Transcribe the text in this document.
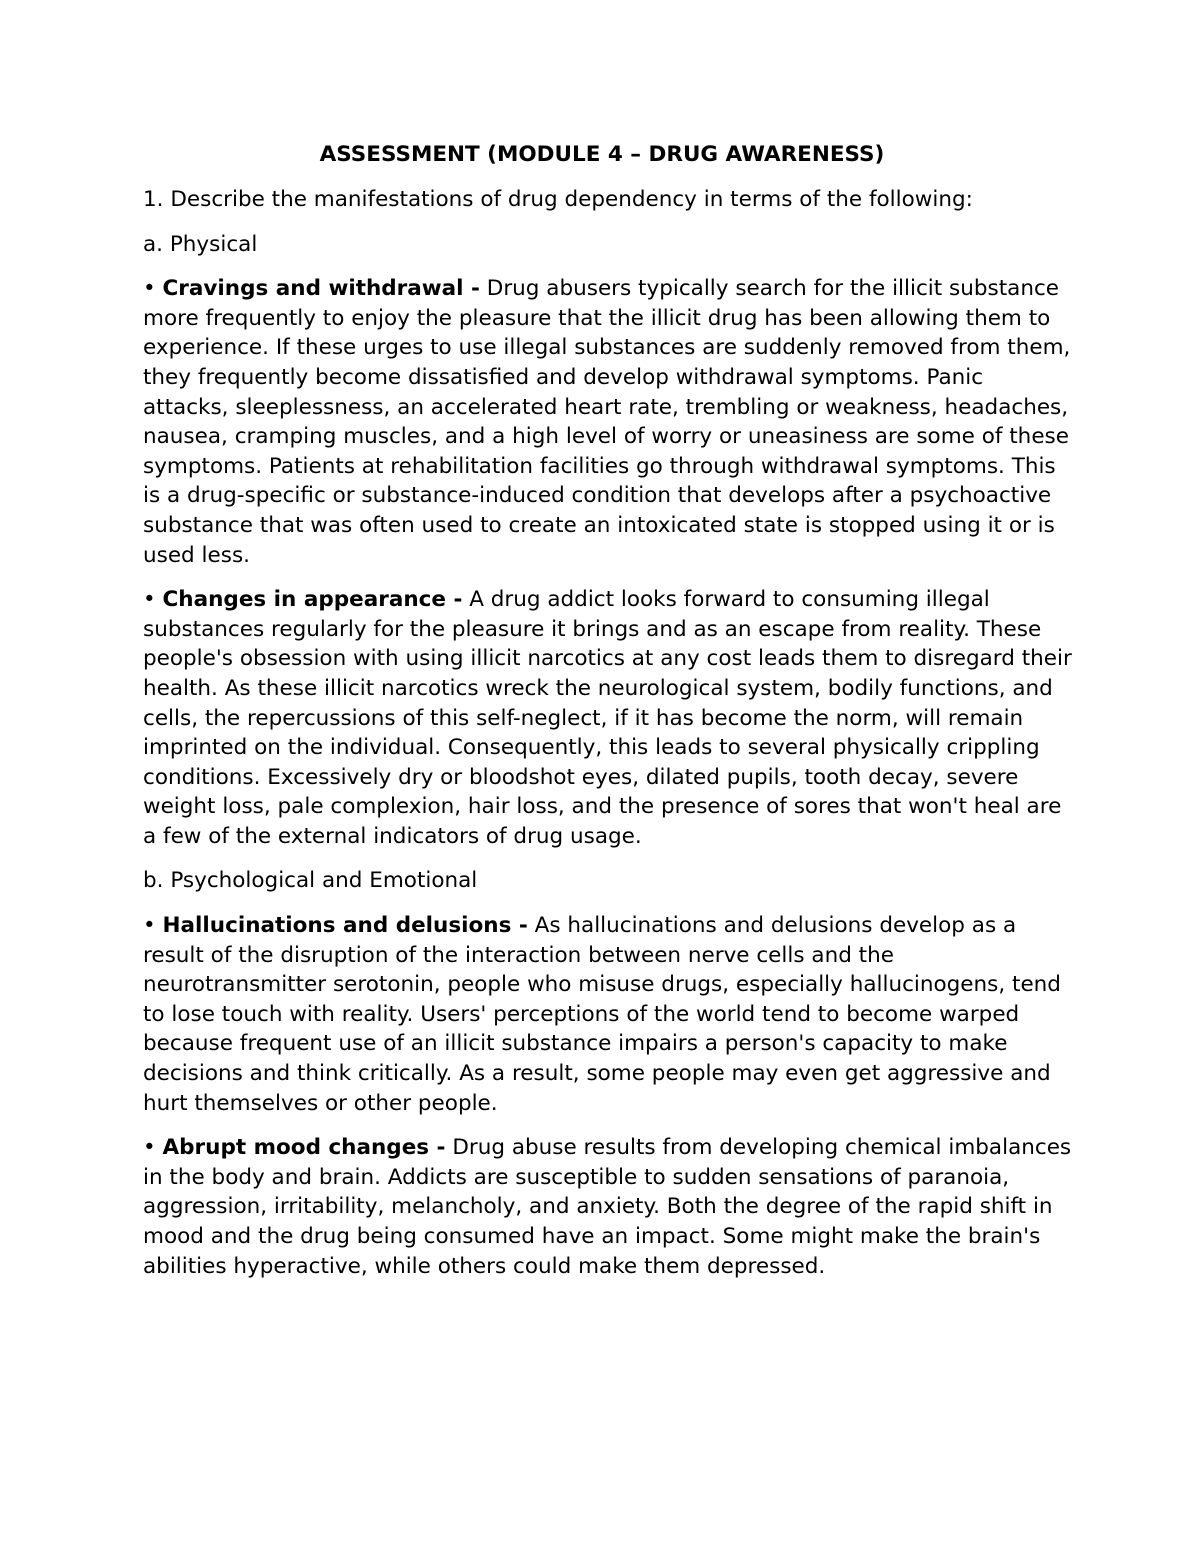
ASSESSMENT (MODULE 4 – DRUG AWARENESS)

1. Describe the manifestations of drug dependency in terms of the following:

a. Physical

• Cravings and withdrawal - Drug abusers typically search for the illicit substance more frequently to enjoy the pleasure that the illicit drug has been allowing them to experience. If these urges to use illegal substances are suddenly removed from them, they frequently become dissatisfied and develop withdrawal symptoms. Panic attacks, sleeplessness, an accelerated heart rate, trembling or weakness, headaches, nausea, cramping muscles, and a high level of worry or uneasiness are some of these symptoms. Patients at rehabilitation facilities go through withdrawal symptoms. This is a drug-specific or substance-induced condition that develops after a psychoactive substance that was often used to create an intoxicated state is stopped using it or is used less.

• Changes in appearance - A drug addict looks forward to consuming illegal substances regularly for the pleasure it brings and as an escape from reality. These people's obsession with using illicit narcotics at any cost leads them to disregard their health. As these illicit narcotics wreck the neurological system, bodily functions, and cells, the repercussions of this self-neglect, if it has become the norm, will remain imprinted on the individual. Consequently, this leads to several physically crippling conditions. Excessively dry or bloodshot eyes, dilated pupils, tooth decay, severe weight loss, pale complexion, hair loss, and the presence of sores that won't heal are a few of the external indicators of drug usage.

b. Psychological and Emotional

• Hallucinations and delusions - As hallucinations and delusions develop as a result of the disruption of the interaction between nerve cells and the neurotransmitter serotonin, people who misuse drugs, especially hallucinogens, tend to lose touch with reality. Users' perceptions of the world tend to become warped because frequent use of an illicit substance impairs a person's capacity to make decisions and think critically. As a result, some people may even get aggressive and hurt themselves or other people.

• Abrupt mood changes - Drug abuse results from developing chemical imbalances in the body and brain. Addicts are susceptible to sudden sensations of paranoia, aggression, irritability, melancholy, and anxiety. Both the degree of the rapid shift in mood and the drug being consumed have an impact. Some might make the brain's abilities hyperactive, while others could make them depressed.
